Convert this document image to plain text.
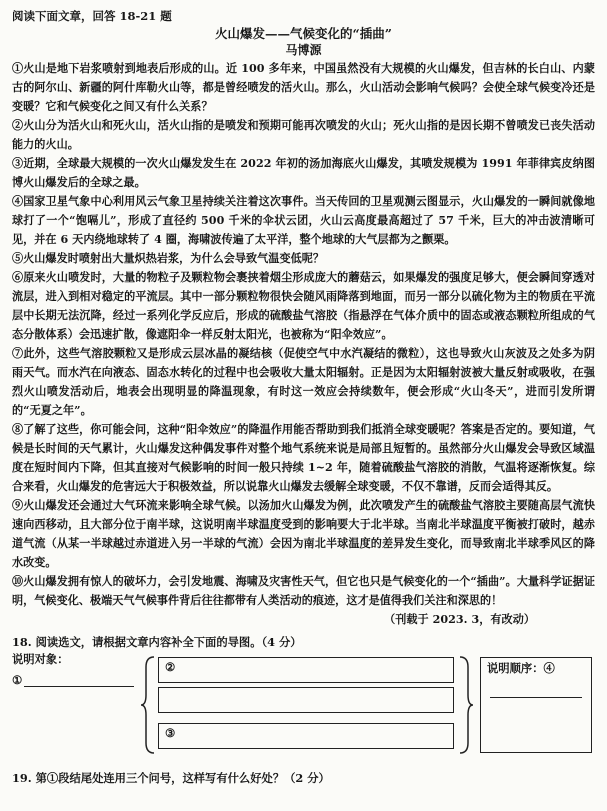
阅读下面文章，回答 18-21 题
火山爆发——气候变化的“插曲”
马博源

①火山是地下岩浆喷射到地表后形成的山。近 100 多年来，中国虽然没有大规模的火山爆发，但吉林的长白山、内蒙古的阿尔山、新疆的阿什库勒火山等，都是曾经喷发的活火山。那么，火山活动会影响气候吗？会使全球气候变冷还是变暖？它和气候变化之间又有什么关系？

②火山分为活火山和死火山，活火山指的是喷发和预期可能再次喷发的火山；死火山指的是因长期不曾喷发已丧失活动能力的火山。

③近期，全球最大规模的一次火山爆发发生在 2022 年初的汤加海底火山爆发，其喷发规模为 1991 年菲律宾皮纳图博火山爆发后的全球之最。

④国家卫星气象中心利用风云气象卫星持续关注着这次事件。当天传回的卫星观测云图显示，火山爆发的一瞬间就像地球打了一个“饱嗝儿”，形成了直径约 500 千米的伞状云团，火山云高度最高超过了 57 千米，巨大的冲击波清晰可见，并在 6 天内绕地球转了 4 圈，海啸波传遍了太平洋，整个地球的大气层都为之颤栗。

⑤火山爆发时喷射出大量炽热岩浆，为什么会导致气温变低呢？

⑥原来火山喷发时，大量的物粒子及颗粒物会裹挟着烟尘形成庞大的蘑菇云，如果爆发的强度足够大，便会瞬间穿透对流层，进入到相对稳定的平流层。其中一部分颗粒物很快会随风雨降落到地面，而另一部分以硫化物为主的物质在平流层中长期无法沉降，经过一系列化学反应后，形成的硫酸盐气溶胶（指悬浮在气体介质中的固态或液态颗粒所组成的气态分散体系）会迅速扩散，像遮阳伞一样反射太阳光，也被称为“阳伞效应”。

⑦此外，这些气溶胶颗粒又是形成云层冰晶的凝结核（促使空气中水汽凝结的微粒），这也导致火山灰波及之处多为阴雨天气。而水汽在向液态、固态水转化的过程中也会吸收大量太阳辐射。正是因为太阳辐射波被大量反射或吸收，在强烈火山喷发活动后，地表会出现明显的降温现象，有时这一效应会持续数年，便会形成“火山冬天”，进而引发所谓的“无夏之年”。

⑧了解了这些，你可能会问，这种“阳伞效应”的降温作用能否帮助到我们抵消全球变暖呢？答案是否定的。要知道，气候是长时间的天气累计，火山爆发这种偶发事件对整个地气系统来说是局部且短暂的。虽然部分火山爆发会导致区域温度在短时间内下降，但其直接对气候影响的时间一般只持续 1~2 年，随着硫酸盐气溶胶的消散，气温将逐渐恢复。综合来看，火山爆发的危害远大于积极效益，所以说靠火山爆发去缓解全球变暖，不仅不靠谱，反而会适得其反。

⑨火山爆发还会通过大气环流来影响全球气候。以汤加火山爆发为例，此次喷发产生的硫酸盐气溶胶主要随高层气流快速向西移动，且大部分位于南半球，这说明南半球温度受到的影响要大于北半球。当南北半球温度平衡被打破时，越赤道气流（从某一半球越过赤道进入另一半球的气流）会因为南北半球温度的差异发生变化，而导致南北半球季风区的降水改变。

⑩火山爆发拥有惊人的破坏力，会引发地震、海啸及灾害性天气，但它也只是气候变化的一个“插曲”。大量科学证据证明，气候变化、极端天气气候事件背后往往都带有人类活动的痕迹，这才是值得我们关注和深思的！

（刊载于 2023. 3，有改动）
18. 阅读选文，请根据文章内容补全下面的导图。（4 分）
说明对象：
①
②
③
说明顺序：④
19. 第①段结尾处连用三个问号，这样写有什么好处？（2 分）
